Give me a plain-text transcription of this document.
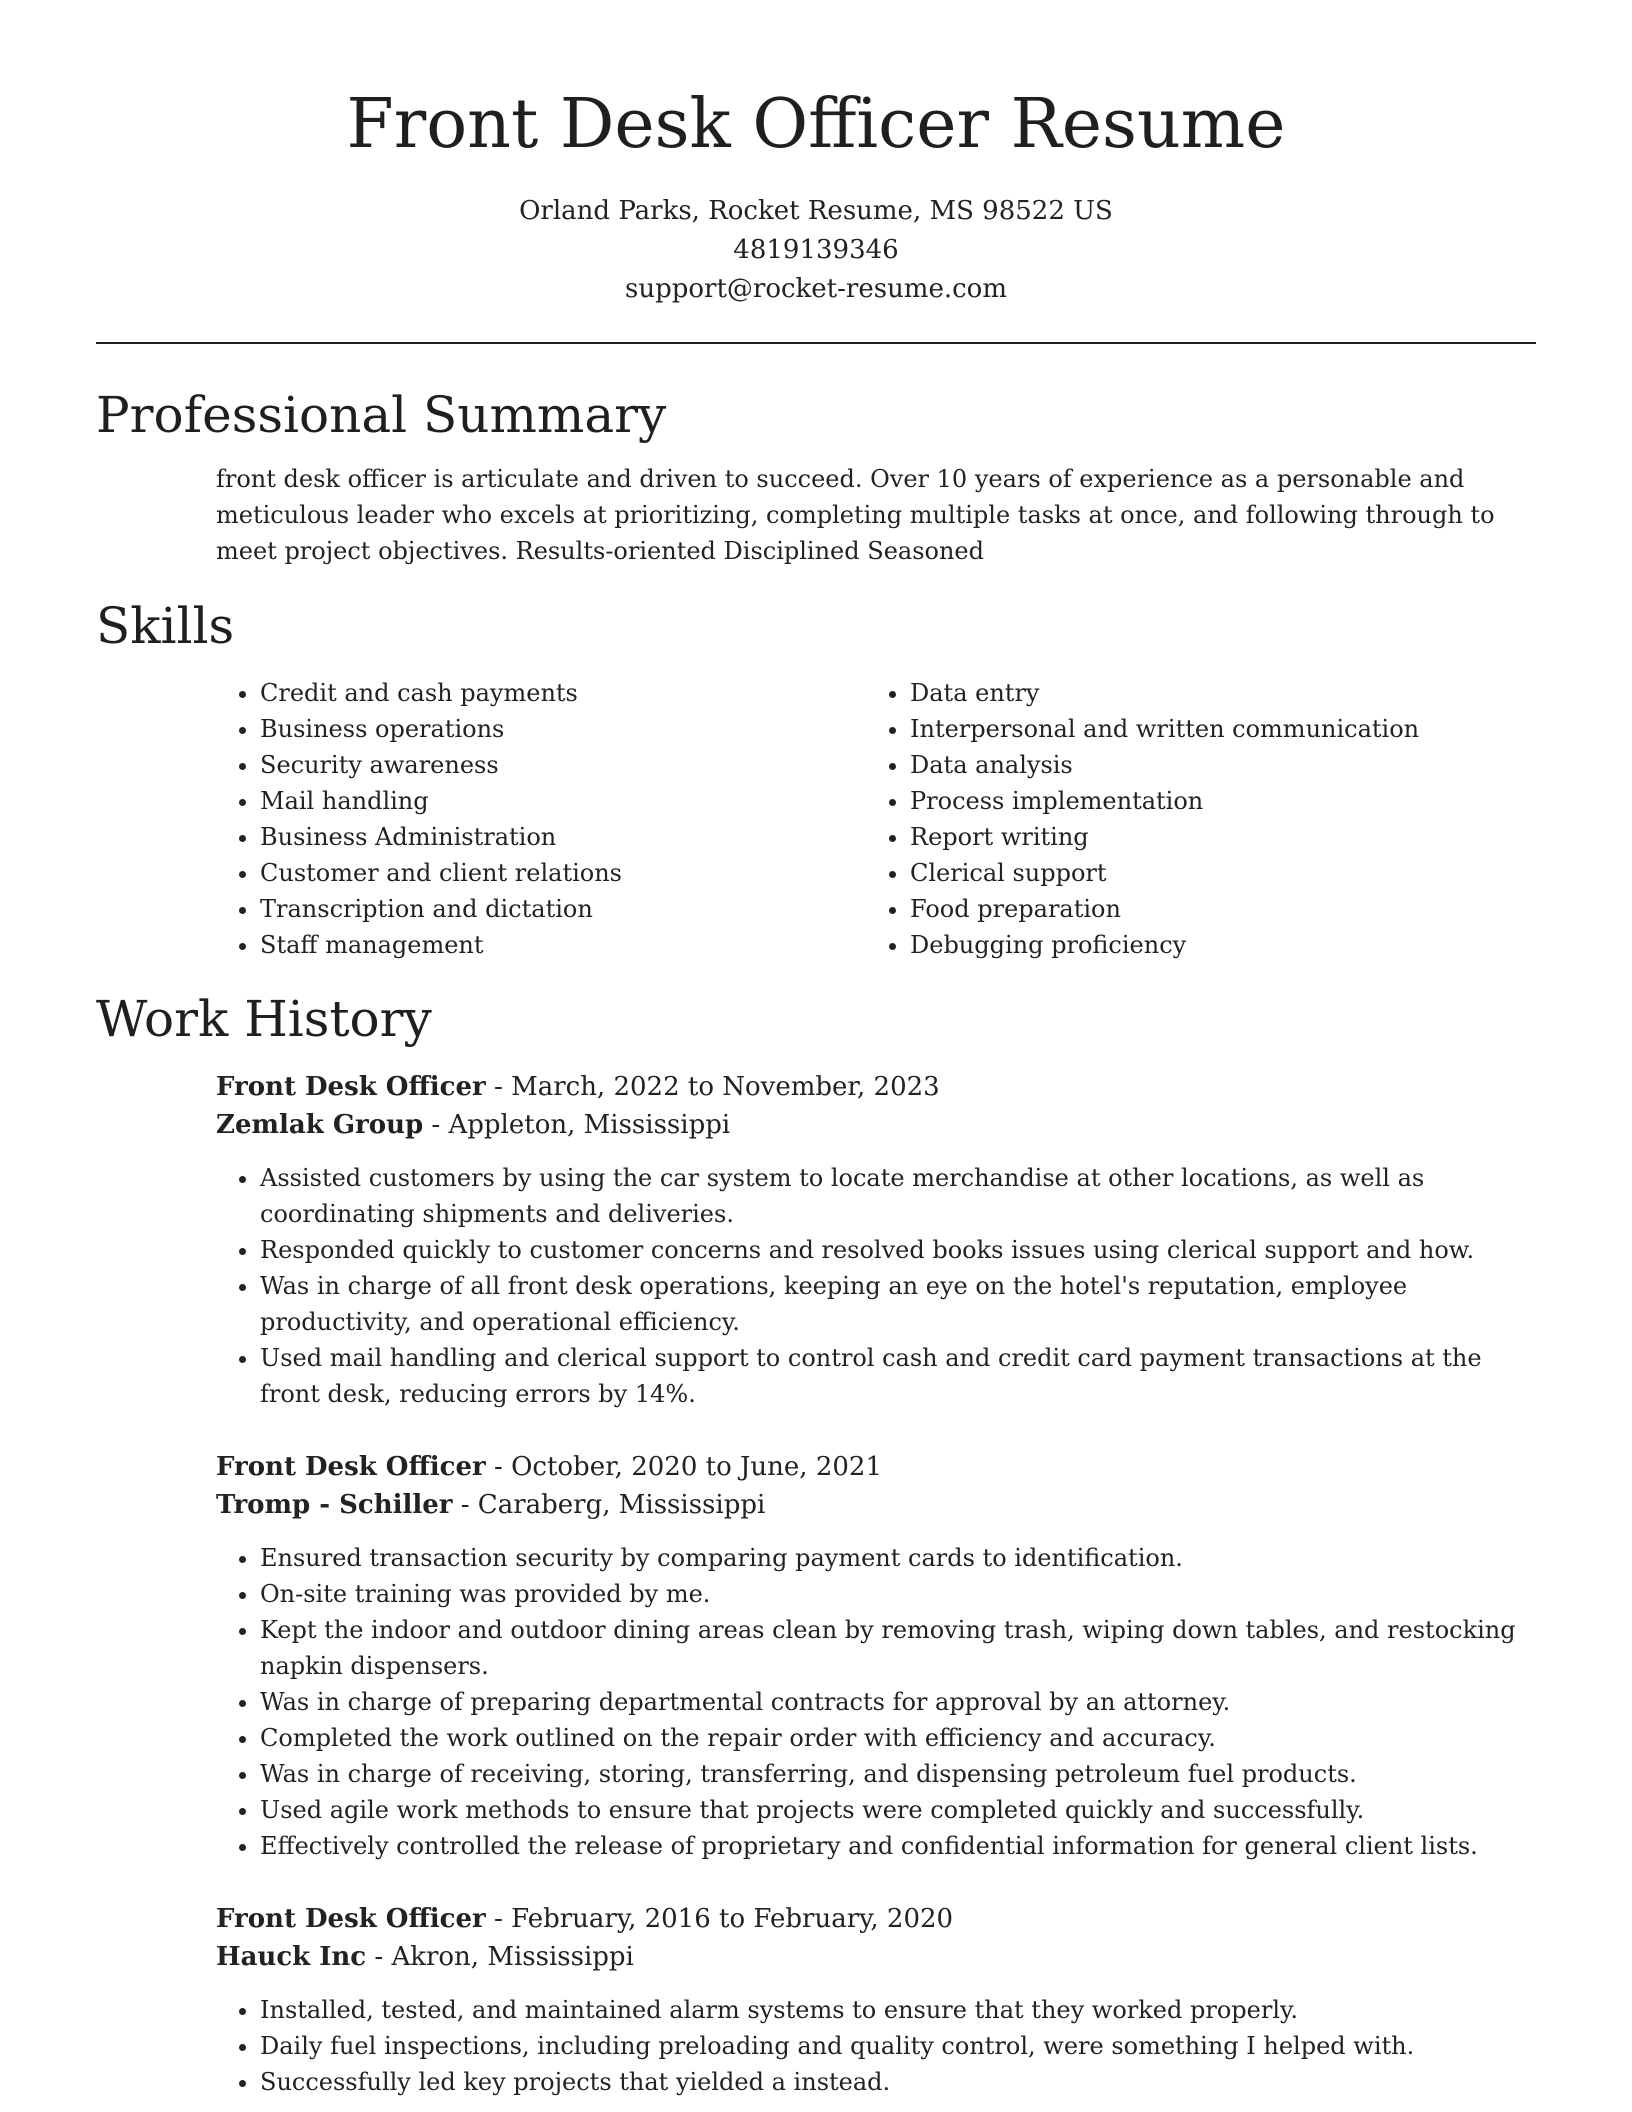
Front Desk Officer Resume
Orland Parks, Rocket Resume, MS 98522 US
4819139346
support@rocket-resume.com
Professional Summary

front desk officer is articulate and driven to succeed. Over 10 years of experience as a personable and meticulous leader who excels at prioritizing, completing multiple tasks at once, and following through to meet project objectives. Results-oriented Disciplined Seasoned

Skills
• Credit and cash payments
• Business operations
• Security awareness
• Mail handling
• Business Administration
• Customer and client relations
• Transcription and dictation
• Staff management
• Data entry
• Interpersonal and written communication
• Data analysis
• Process implementation
• Report writing
• Clerical support
• Food preparation
• Debugging proficiency
Work History
Front Desk Officer - March, 2022 to November, 2023
Zemlak Group - Appleton, Mississippi
• Assisted customers by using the car system to locate merchandise at other locations, as well as coordinating shipments and deliveries.
• Responded quickly to customer concerns and resolved books issues using clerical support and how.
• Was in charge of all front desk operations, keeping an eye on the hotel's reputation, employee productivity, and operational efficiency.
• Used mail handling and clerical support to control cash and credit card payment transactions at the front desk, reducing errors by 14%.
Front Desk Officer - October, 2020 to June, 2021
Tromp - Schiller - Caraberg, Mississippi
• Ensured transaction security by comparing payment cards to identification.
• On-site training was provided by me.
• Kept the indoor and outdoor dining areas clean by removing trash, wiping down tables, and restocking napkin dispensers.
• Was in charge of preparing departmental contracts for approval by an attorney.
• Completed the work outlined on the repair order with efficiency and accuracy.
• Was in charge of receiving, storing, transferring, and dispensing petroleum fuel products.
• Used agile work methods to ensure that projects were completed quickly and successfully.
• Effectively controlled the release of proprietary and confidential information for general client lists.
Front Desk Officer - February, 2016 to February, 2020
Hauck Inc - Akron, Mississippi
• Installed, tested, and maintained alarm systems to ensure that they worked properly.
• Daily fuel inspections, including preloading and quality control, were something I helped with.
• Successfully led key projects that yielded a instead.
